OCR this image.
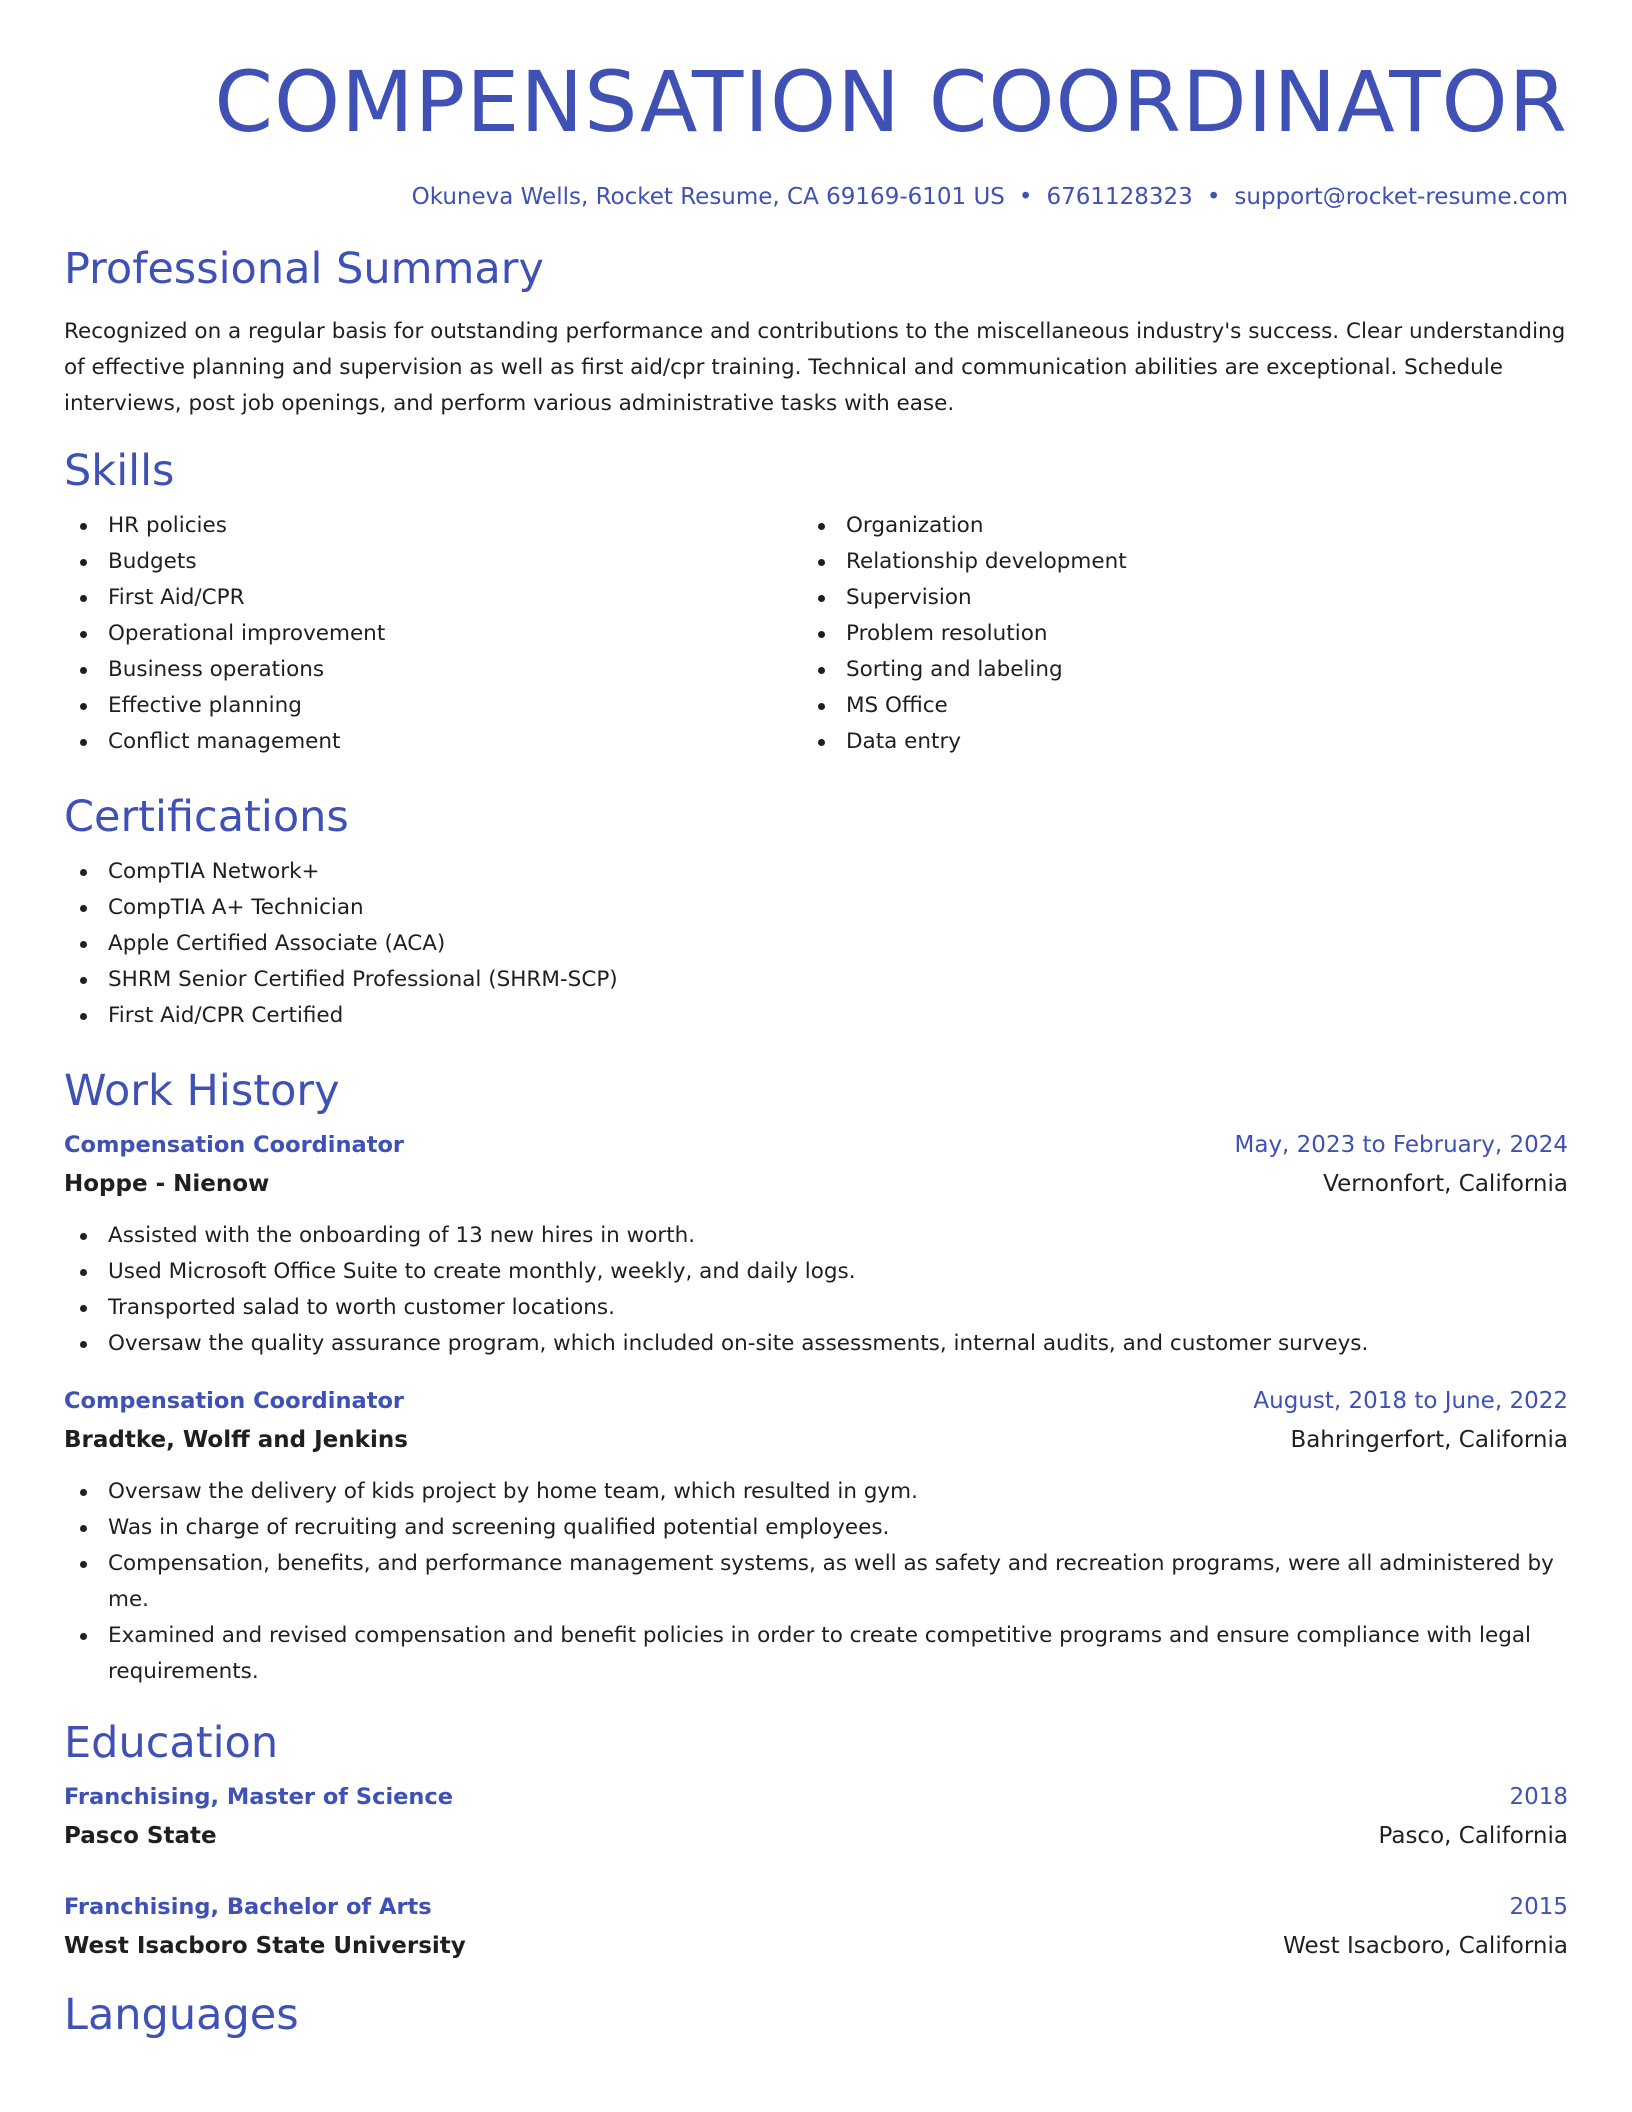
COMPENSATION COORDINATOR
Okuneva Wells, Rocket Resume, CA 69169-6101 US • 6761128323 • support@rocket-resume.com
Professional Summary

Recognized on a regular basis for outstanding performance and contributions to the miscellaneous industry's success. Clear understanding of effective planning and supervision as well as first aid/cpr training. Technical and communication abilities are exceptional. Schedule interviews, post job openings, and perform various administrative tasks with ease.

Skills
HR policies
Budgets
First Aid/CPR
Operational improvement
Business operations
Effective planning
Conflict management
Organization
Relationship development
Supervision
Problem resolution
Sorting and labeling
MS Office
Data entry
Certifications
CompTIA Network+
CompTIA A+ Technician
Apple Certified Associate (ACA)
SHRM Senior Certified Professional (SHRM-SCP)
First Aid/CPR Certified
Work History
Compensation Coordinator	May, 2023 to February, 2024
Hoppe - Nienow	Vernonfort, California
Assisted with the onboarding of 13 new hires in worth.
Used Microsoft Office Suite to create monthly, weekly, and daily logs.
Transported salad to worth customer locations.
Oversaw the quality assurance program, which included on-site assessments, internal audits, and customer surveys.
Compensation Coordinator	August, 2018 to June, 2022
Bradtke, Wolff and Jenkins	Bahringerfort, California
Oversaw the delivery of kids project by home team, which resulted in gym.
Was in charge of recruiting and screening qualified potential employees.
Compensation, benefits, and performance management systems, as well as safety and recreation programs, were all administered by me.
Examined and revised compensation and benefit policies in order to create competitive programs and ensure compliance with legal requirements.
Education
Franchising, Master of Science	2018
Pasco State	Pasco, California
Franchising, Bachelor of Arts	2015
West Isacboro State University	West Isacboro, California
Languages
